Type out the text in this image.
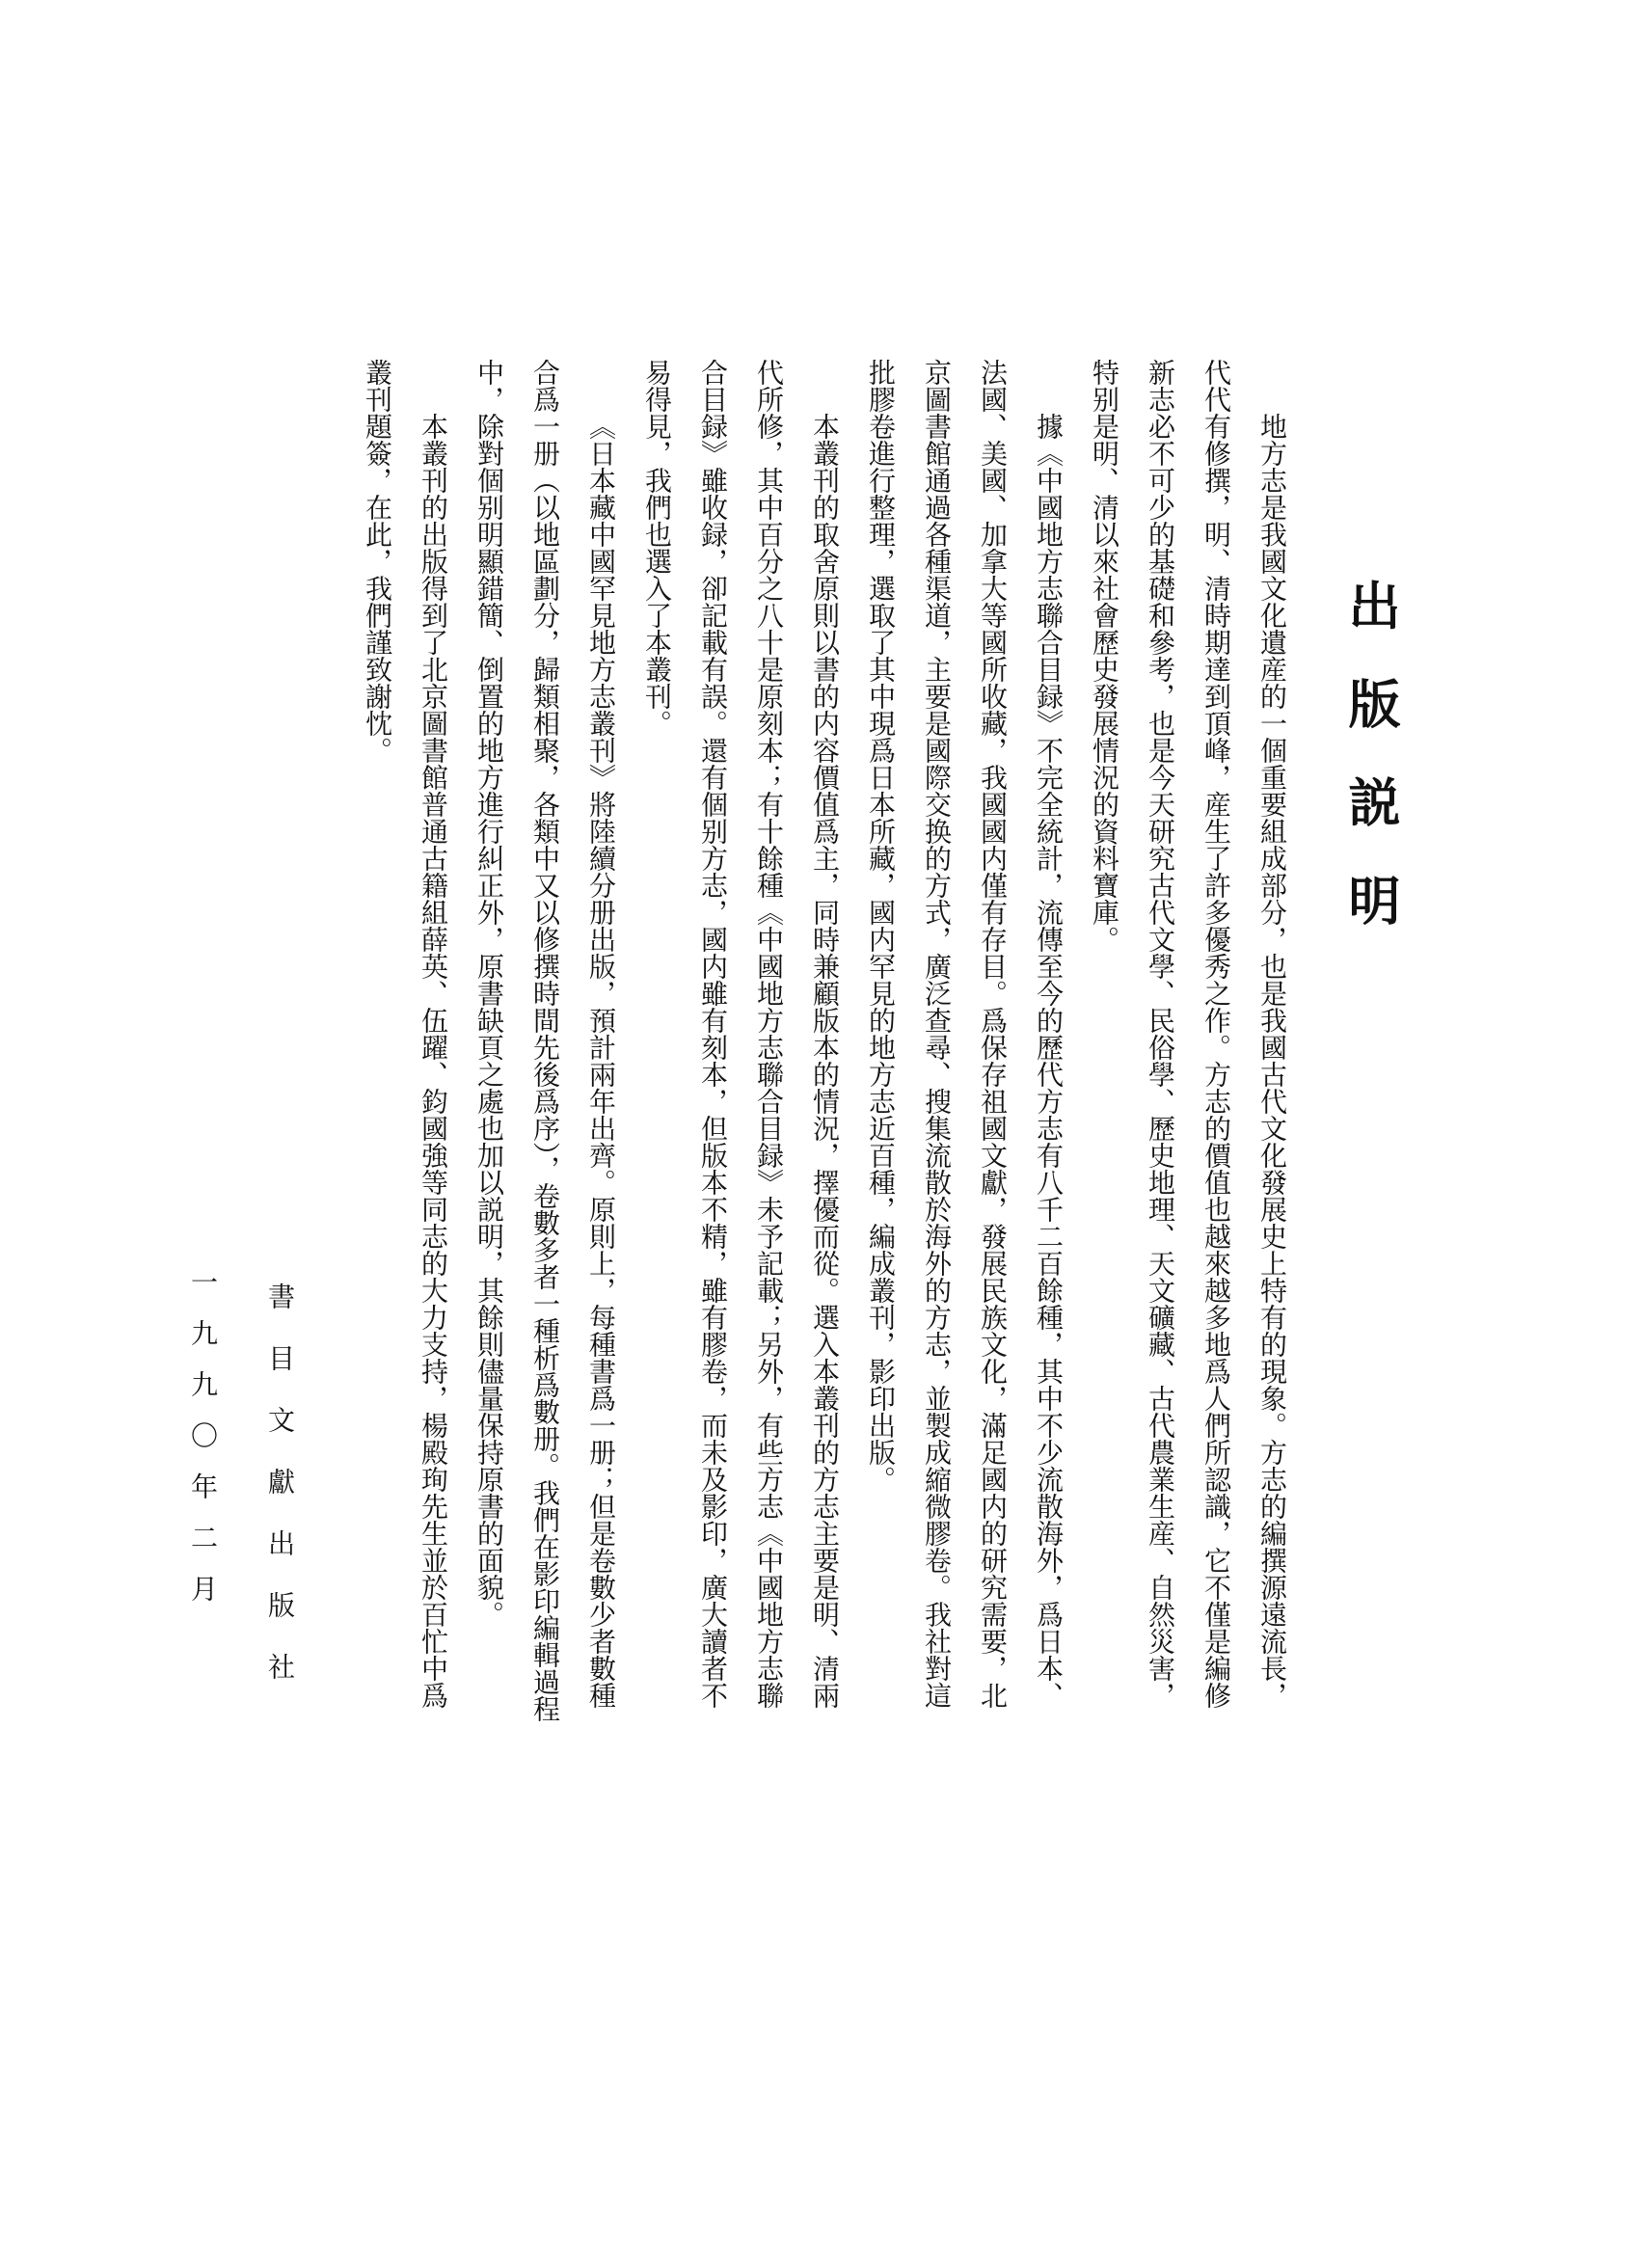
出版説明

地方志是我國文化遺産的一個重要組成部分，也是我國古代文化發展史上特有的現象。方志的編撰源遠流長，代代有修撰，明、清時期達到頂峰，産生了許多優秀之作。方志的價值也越來越多地爲人們所認識，它不僅是編修新志必不可少的基礎和參考，也是今天研究古代文學、民俗學、歷史地理、天文礦藏、古代農業生産、自然災害，特别是明、清以來社會歷史發展情況的資料寶庫。

據《中國地方志聯合目録》不完全統計，流傳至今的歷代方志有八千二百餘種，其中不少流散海外，爲日本、法國、美國、加拿大等國所收藏，我國國内僅有存目。爲保存祖國文獻，發展民族文化，滿足國内的研究需要，北京圖書館通過各種渠道，主要是國際交换的方式，廣泛查尋、搜集流散於海外的方志，並製成縮微膠卷。我社對這批膠卷進行整理，選取了其中現爲日本所藏，國内罕見的地方志近百種，編成叢刊，影印出版。

本叢刊的取舍原則以書的内容價值爲主，同時兼顧版本的情況，擇優而從。選入本叢刊的方志主要是明、清兩代所修，其中百分之八十是原刻本；有十餘種《中國地方志聯合目録》未予記載；另外，有些方志《中國地方志聯合目録》雖收録，卻記載有誤。還有個别方志，國内雖有刻本，但版本不精，雖有膠卷，而未及影印，廣大讀者不易得見，我們也選入了本叢刊。

《日本藏中國罕見地方志叢刊》將陸續分册出版，預計兩年出齊。原則上，每種書爲一册；但是卷數少者數種合爲一册（以地區劃分，歸類相聚，各類中又以修撰時間先後爲序），卷數多者一種析爲數册。我們在影印編輯過程中，除對個别明顯錯簡、倒置的地方進行糾正外，原書缺頁之處也加以説明，其餘則儘量保持原書的面貌。

本叢刊的出版得到了北京圖書館普通古籍組薛英、伍躍、鈞國強等同志的大力支持，楊殿珣先生並於百忙中爲叢刊題簽，在此，我們謹致謝忱。

書目文獻出版社
一九九〇年二月
